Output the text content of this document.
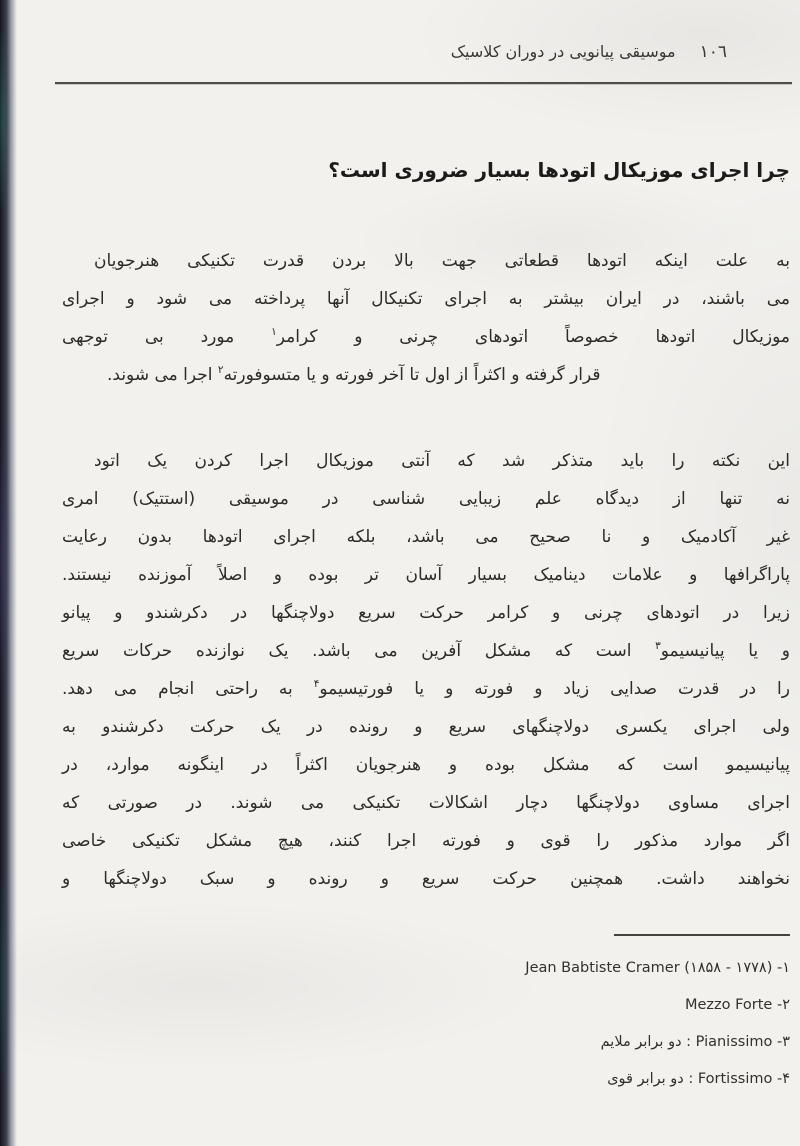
موسیقی پیانویی در دوران کلاسیک ١٠٦
چرا اجرای موزیکال اتودها بسیار ضروری است؟
به علت اینکه اتودها قطعاتی جهت بالا بردن قدرت تکنیکی هنرجویان
می باشند، در ایران بیشتر به اجرای تکنیکال آنها پرداخته می شود و اجرای
موزیکال اتودها خصوصاً اتودهای چرنی و کرامر$^۱$ مورد بی توجهی
قرار گرفته و اکثراً از اول تا آخر فورته و یا متسوفورته$^۲$ اجرا می شوند.
این نکته را باید متذکر شد که آنتی موزیکال اجرا کردن یک اتود
نه تنها از دیدگاه علم زیبایی شناسی در موسیقی (استتیک) امری
غیر آکادمیک و نا صحیح می باشد، بلکه اجرای اتودها بدون رعایت
پاراگرافها و علامات دینامیک بسیار آسان تر بوده و اصلاً آموزنده نیستند.
زیرا در اتودهای چرنی و کرامر حرکت سریع دولاچنگها در دکرشندو و پیانو
و یا پیانیسیمو$^۳$ است که مشکل آفرین می باشد. یک نوازنده حرکات سریع
را در قدرت صدایی زیاد و فورته و یا فورتیسیمو$^۴$ به راحتی انجام می دهد.
ولی اجرای یکسری دولاچنگهای سریع و رونده در یک حرکت دکرشندو به
پیانیسیمو است که مشکل بوده و هنرجویان اکثراً در اینگونه موارد، در
اجرای مساوی دولاچنگها دچار اشکالات تکنیکی می شوند. در صورتی که
اگر موارد مذکور را قوی و فورته اجرا کنند، هیچ مشکل تکنیکی خاصی
نخواهند داشت. همچنین حرکت سریع و رونده و سبک دولاچنگها و
۱- Jean Babtiste Cramer (۱۸۵۸ - ۱۷۷۸)
۲- Mezzo Forte
۳- Pianissimo : دو برابر ملایم
۴- Fortissimo : دو برابر قوی
